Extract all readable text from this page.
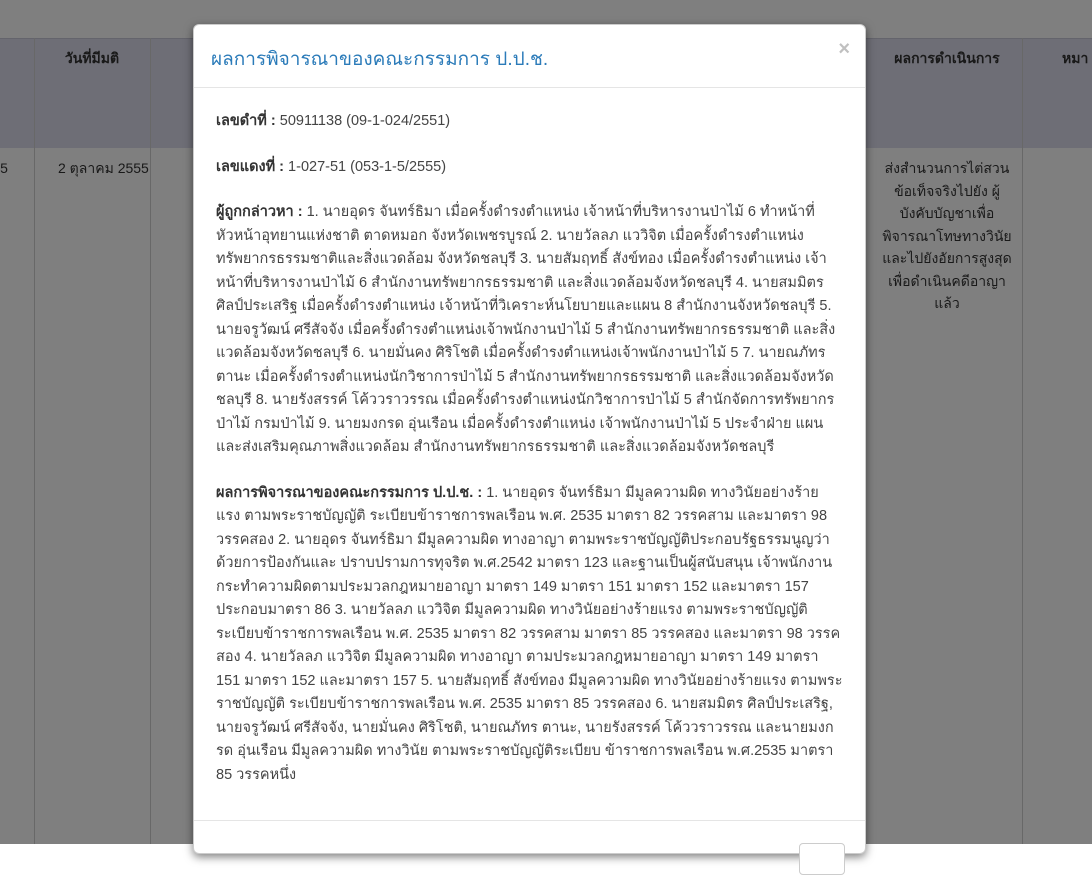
ผลการพิจารณาของคณะกรรมการ ป.ป.ช.	×

เลขดำที่ : 50911138 (09-1-024/2551)

เลขแดงที่ : 1-027-51 (053-1-5/2555)

ผู้ถูกกล่าวหา : 1. นายอุดร จันทร์ธิมา เมื่อครั้งดำรงตำแหน่ง เจ้าหน้าที่บริหารงานป่าไม้ 6 ทำหน้าที่หัวหน้าอุทยานแห่งชาติ ตาดหมอก จังหวัดเพชรบูรณ์ 2. นายวัลลภ แววิจิต เมื่อครั้งดำรงตำแหน่ง ทรัพยากรธรรมชาติและสิ่งแวดล้อม จังหวัดชลบุรี 3. นายสัมฤทธิ์ สังข์ทอง เมื่อครั้งดำรงตำแหน่ง เจ้าหน้าที่บริหารงานป่าไม้ 6 สำนักงานทรัพยากรธรรมชาติ และสิ่งแวดล้อมจังหวัดชลบุรี 4. นายสมมิตร ศิลป์ประเสริฐ เมื่อครั้งดำรงตำแหน่ง เจ้าหน้าที่วิเคราะห์นโยบายและแผน 8 สำนักงานจังหวัดชลบุรี 5. นายจรูวัฒน์ ศรีสัจจัง เมื่อครั้งดำรงตำแหน่งเจ้าพนักงานป่าไม้ 5 สำนักงานทรัพยากรธรรมชาติ และสิ่งแวดล้อมจังหวัดชลบุรี 6. นายมั่นคง ศิริโชติ เมื่อครั้งดำรงตำแหน่งเจ้าพนักงานป่าไม้ 5 7. นายณภัทร ตานะ เมื่อครั้งดำรงตำแหน่งนักวิชาการป่าไม้ 5 สำนักงานทรัพยากรธรรมชาติ และสิ่งแวดล้อมจังหวัดชลบุรี 8. นายรังสรรค์ โค้ววราวรรณ เมื่อครั้งดำรงตำแหน่งนักวิชาการป่าไม้ 5 สำนักจัดการทรัพยากรป่าไม้ กรมป่าไม้ 9. นายมงกรด อุ่นเรือน เมื่อครั้งดำรงตำแหน่ง เจ้าพนักงานป่าไม้ 5 ประจำฝ่าย แผนและส่งเสริมคุณภาพสิ่งแวดล้อม สำนักงานทรัพยากรธรรมชาติ และสิ่งแวดล้อมจังหวัดชลบุรี

ผลการพิจารณาของคณะกรรมการ ป.ป.ช. : 1. นายอุดร จันทร์ธิมา มีมูลความผิด ทางวินัยอย่างร้ายแรง ตามพระราชบัญญัติ ระเบียบข้าราชการพลเรือน พ.ศ. 2535 มาตรา 82 วรรคสาม และมาตรา 98 วรรคสอง 2. นายอุดร จันทร์ธิมา มีมูลความผิด ทางอาญา ตามพระราชบัญญัติประกอบรัฐธรรมนูญว่าด้วยการป้องกันและ ปราบปรามการทุจริต พ.ศ.2542 มาตรา 123 และฐานเป็นผู้สนับสนุน เจ้าพนักงานกระทำความผิดตามประมวลกฎหมายอาญา มาตรา 149 มาตรา 151 มาตรา 152 และมาตรา 157 ประกอบมาตรา 86 3. นายวัลลภ แววิจิต มีมูลความผิด ทางวินัยอย่างร้ายแรง ตามพระราชบัญญัติ ระเบียบข้าราชการพลเรือน พ.ศ. 2535 มาตรา 82 วรรคสาม มาตรา 85 วรรคสอง และมาตรา 98 วรรคสอง 4. นายวัลลภ แววิจิต มีมูลความผิด ทางอาญา ตามประมวลกฎหมายอาญา มาตรา 149 มาตรา 151 มาตรา 152 และมาตรา 157 5. นายสัมฤทธิ์ สังข์ทอง มีมูลความผิด ทางวินัยอย่างร้ายแรง ตามพระราชบัญญัติ ระเบียบข้าราชการพลเรือน พ.ศ. 2535 มาตรา 85 วรรคสอง 6. นายสมมิตร ศิลป์ประเสริฐ, นายจรูวัฒน์ ศรีสัจจัง, นายมั่นคง ศิริโชติ, นายณภัทร ตานะ, นายรังสรรค์ โค้ววราวรรณ และนายมงกรด อุ่นเรือน มีมูลความผิด ทางวินัย ตามพระราชบัญญัติระเบียบ ข้าราชการพลเรือน พ.ศ.2535 มาตรา 85 วรรคหนึ่ง
